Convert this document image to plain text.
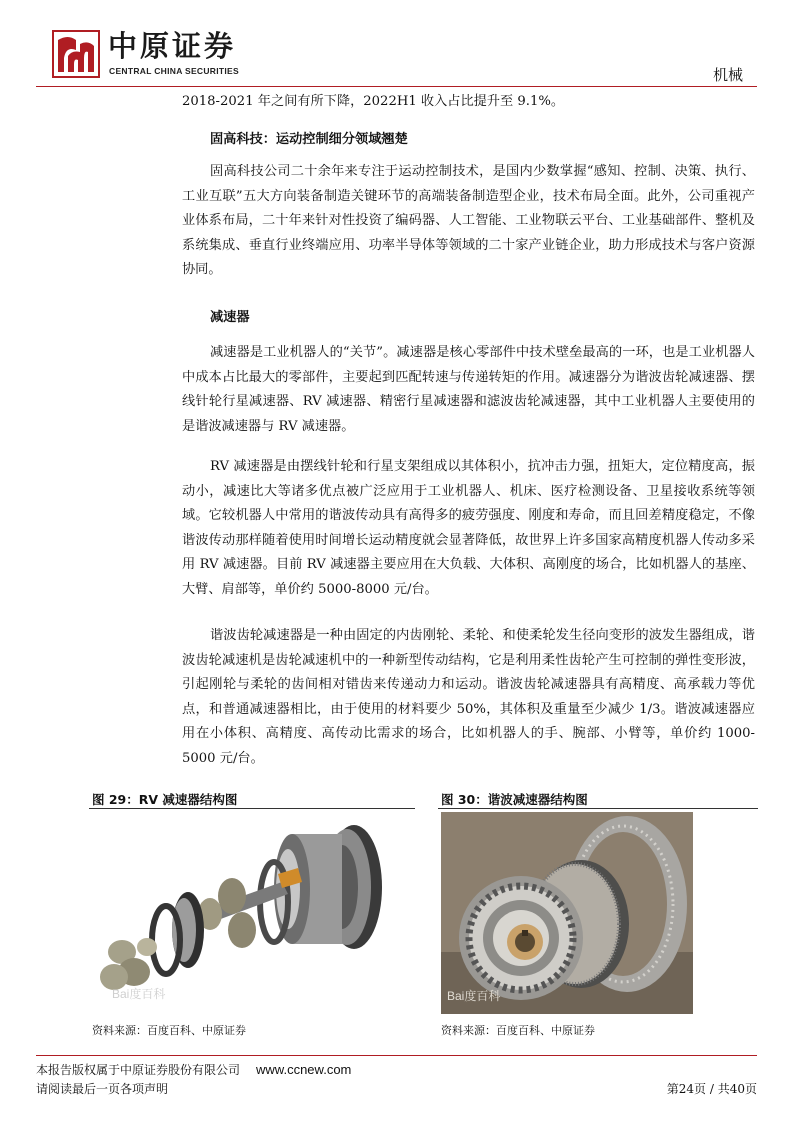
中原证券
CENTRAL CHINA SECURITIES	机械

2018-2021 年之间有所下降，2022H1 收入占比提升至 9.1%。

固高科技：运动控制细分领域翘楚

固高科技公司二十余年来专注于运动控制技术，是国内少数掌握“感知、控制、决策、执行、工业互联”五大方向装备制造关键环节的高端装备制造型企业，技术布局全面。此外，公司重视产业体系布局，二十年来针对性投资了编码器、人工智能、工业物联云平台、工业基础部件、整机及系统集成、垂直行业终端应用、功率半导体等领域的二十家产业链企业，助力形成技术与客户资源协同。

减速器

减速器是工业机器人的“关节”。减速器是核心零部件中技术壁垒最高的一环，也是工业机器人中成本占比最大的零部件，主要起到匹配转速与传递转矩的作用。减速器分为谐波齿轮减速器、摆线针轮行星减速器、RV 减速器、精密行星减速器和滤波齿轮减速器，其中工业机器人主要使用的是谐波减速器与 RV 减速器。

RV 减速器是由摆线针轮和行星支架组成以其体积小，抗冲击力强，扭矩大，定位精度高，振动小，减速比大等诸多优点被广泛应用于工业机器人、机床、医疗检测设备、卫星接收系统等领域。它较机器人中常用的谐波传动具有高得多的疲劳强度、刚度和寿命，而且回差精度稳定，不像谐波传动那样随着使用时间增长运动精度就会显著降低，故世界上许多国家高精度机器人传动多采用 RV 减速器。目前 RV 减速器主要应用在大负载、大体积、高刚度的场合，比如机器人的基座、大臂、肩部等，单价约 5000-8000 元/台。

谐波齿轮减速器是一种由固定的内齿刚轮、柔轮、和使柔轮发生径向变形的波发生器组成，谐波齿轮减速机是齿轮减速机中的一种新型传动结构，它是利用柔性齿轮产生可控制的弹性变形波，引起刚轮与柔轮的齿间相对错齿来传递动力和运动。谐波齿轮减速器具有高精度、高承载力等优点，和普通减速器相比，由于使用的材料要少 50%，其体积及重量至少减少 1/3。谐波减速器应用在小体积、高精度、高传动比需求的场合，比如机器人的手、腕部、小臂等，单价约 1000-5000 元/台。

图 29：RV 减速器结构图
Bai度百科
资料来源：百度百科、中原证券
图 30：谐波减速器结构图
Bai度百科
资料来源：百度百科、中原证券
本报告版权属于中原证券股份有限公司 www.ccnew.com
请阅读最后一页各项声明	第24页 / 共40页
